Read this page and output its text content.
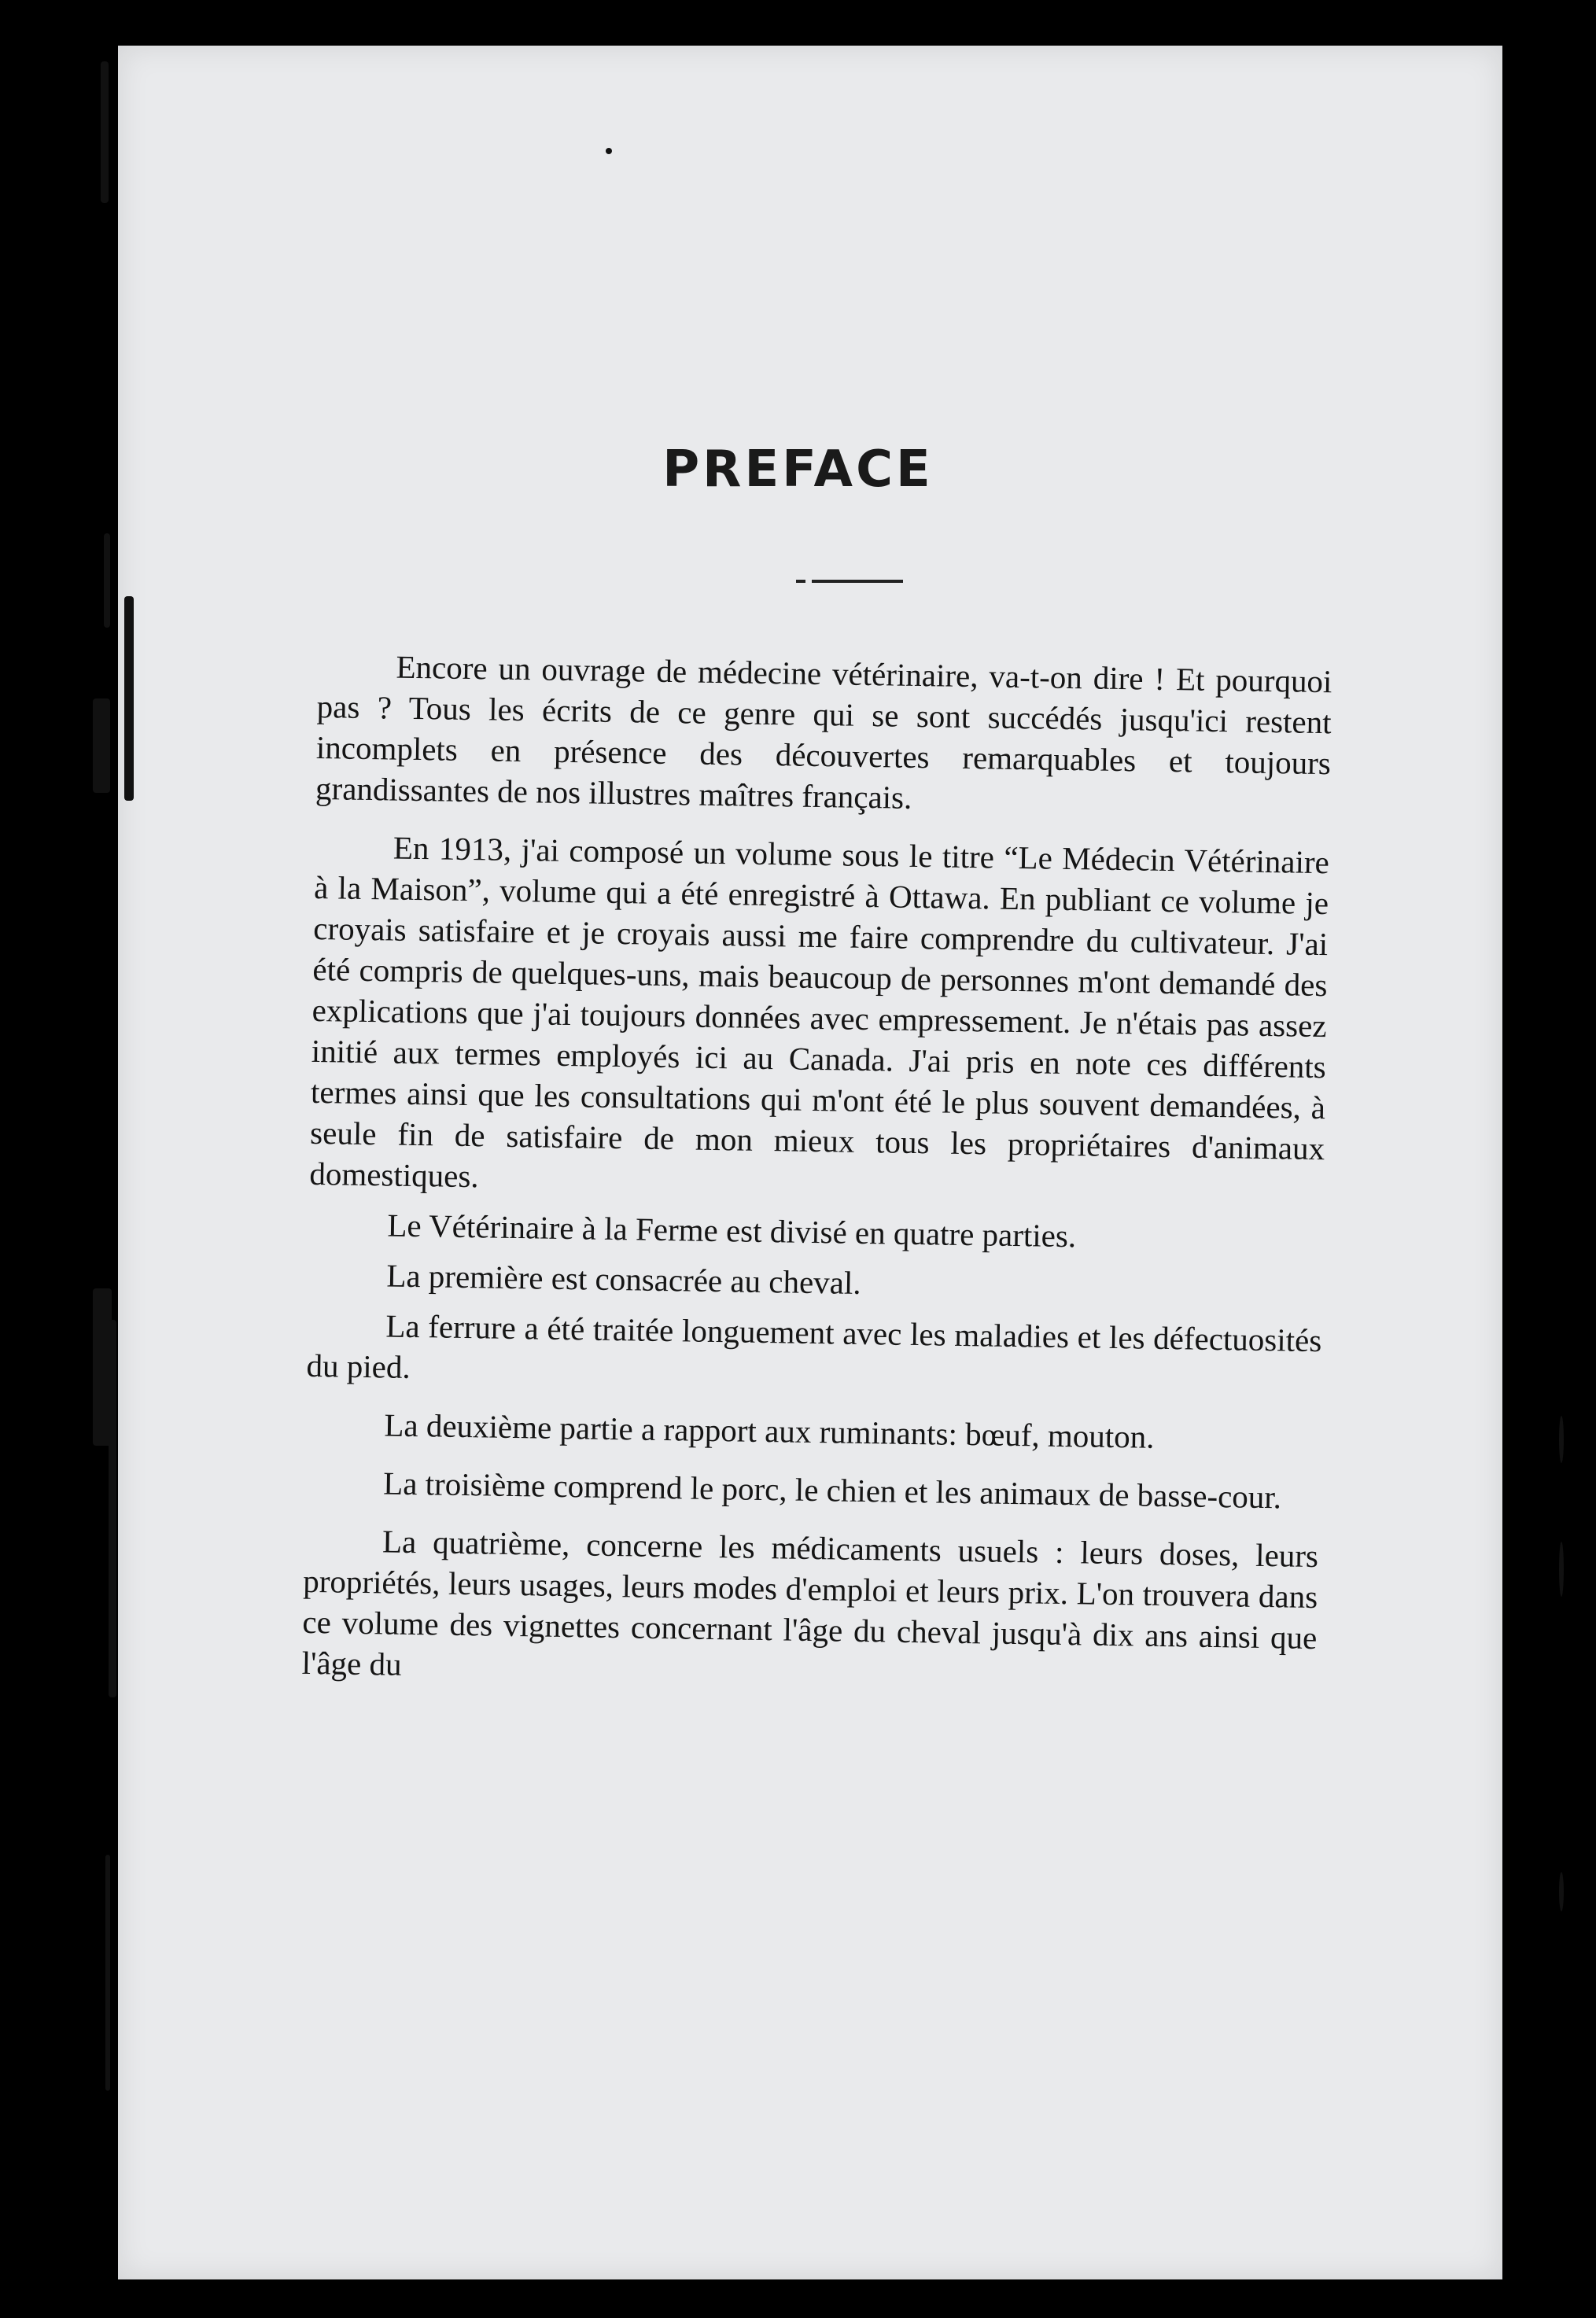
PREFACE

Encore un ouvrage de médecine vétérinaire, va-t-on dire ! Et pourquoi pas ? Tous les écrits de ce genre qui se sont succédés jusqu'ici restent incomplets en présence des découvertes remarquables et toujours grandissantes de nos illustres maîtres français.

En 1913, j'ai composé un volume sous le titre “Le Médecin Vétérinaire à la Maison”, volume qui a été enregistré à Ottawa. En publiant ce volume je croyais satisfaire et je croyais aussi me faire comprendre du cultivateur. J'ai été compris de quelques-uns, mais beaucoup de personnes m'ont demandé des explications que j'ai toujours données avec empressement. Je n'étais pas assez initié aux termes employés ici au Canada. J'ai pris en note ces différents termes ainsi que les consultations qui m'ont été le plus souvent demandées, à seule fin de satisfaire de mon mieux tous les propriétaires d'animaux domestiques.

Le Vétérinaire à la Ferme est divisé en quatre parties.

La première est consacrée au cheval.

La ferrure a été traitée longuement avec les maladies et les défectuosités du pied.

La deuxième partie a rapport aux ruminants: bœuf, mouton.

La troisième comprend le porc, le chien et les animaux de basse-cour.

La quatrième, concerne les médicaments usuels : leurs doses, leurs propriétés, leurs usages, leurs modes d'emploi et leurs prix. L'on trouvera dans ce volume des vignettes concernant l'âge du cheval jusqu'à dix ans ainsi que l'âge du
